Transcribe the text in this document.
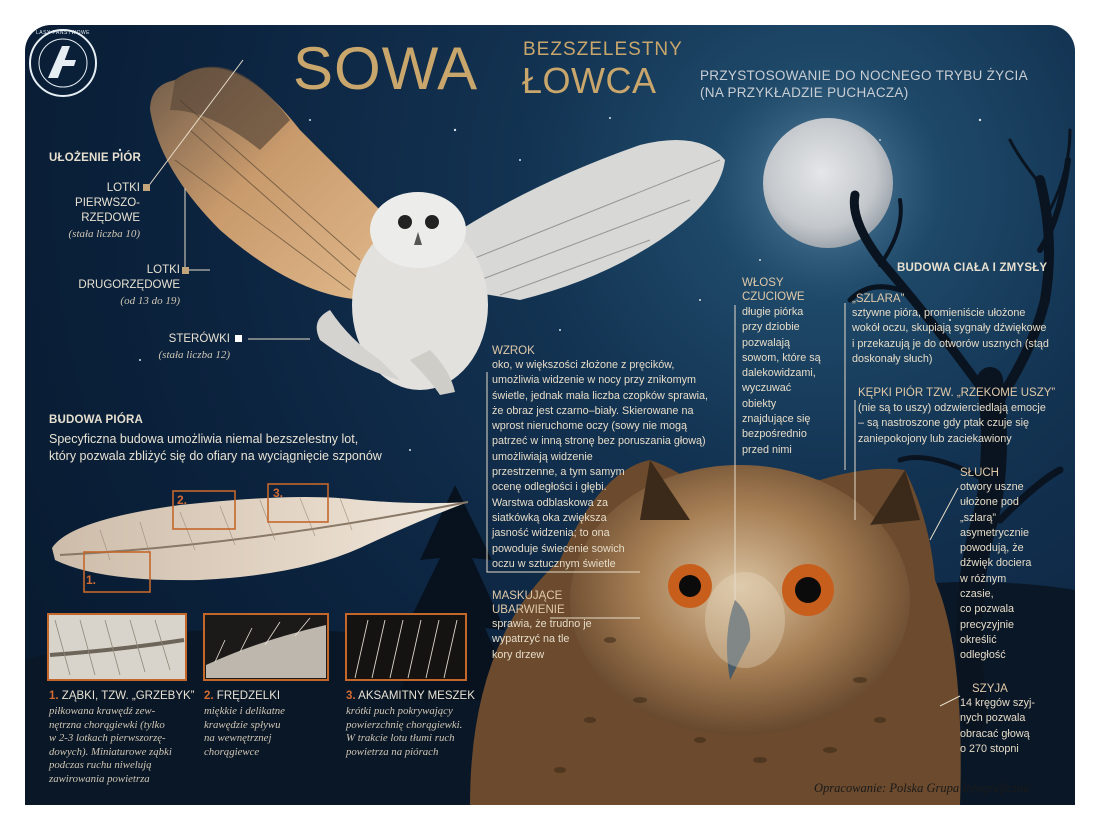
LASY PAŃSTWOWE
SOWA BEZSZELESTNY
ŁOWCA	PRZYSTOSOWANIE DO NOCNEGO TRYBU ŻYCIA
(NA PRZYKŁADZIE PUCHACZA)
UŁOŻENIE PIÓR
LOTKI
PIERWSZO-
RZĘDOWE
(stała liczba 10)
LOTKI
DRUGORZĘDOWE
(od 13 do 19)
STERÓWKI
(stała liczba 12)
BUDOWA PIÓRA
Specyficzna budowa umożliwia niemal bezszelestny lot,
który pozwala zbliżyć się do ofiary na wyciągnięcie szponów
1.
2.	3.
1. ZĄBKI, TZW. „GRZEBYK”
piłkowana krawędź zew-
nętrzna chorągiewki (tylko
w 2-3 lotkach pierwszorzę-
dowych). Miniaturowe ząbki
podczas ruchu niwelują
zawirowania powietrza
2. FRĘDZELKI
miękkie i delikatne
krawędzie spływu
na wewnętrznej
chorągiewce
3. AKSAMITNY MESZEK
krótki puch pokrywający
powierzchnię chorągiewki.
W trakcie lotu tłumi ruch
powietrza na piórach
WZROK
oko, w większości złożone z pręcików,
umożliwia widzenie w nocy przy znikomym
świetle, jednak mała liczba czopków sprawia,
że obraz jest czarno–biały. Skierowane na
wprost nieruchome oczy (sowy nie mogą
patrzeć w inną stronę bez poruszania głową)
umożliwiają widzenie
przestrzenne, a tym samym
ocenę odległości i głębi.
Warstwa odblaskowa za
siatkówką oka zwiększa
jasność widzenia; to ona
powoduje świecenie sowich
oczu w sztucznym świetle
WŁOSY
CZUCIOWE
długie piórka
przy dziobie
pozwalają
sowom, które są
dalekowidzami,
wyczuwać
obiekty
znajdujące się
bezpośrednio
przed nimi
MASKUJĄCE
UBARWIENIE
sprawia, że trudno je
wypatrzyć na tle
kory drzew
BUDOWA CIAŁA I ZMYSŁY
„SZLARA”
sztywne pióra, promieniście ułożone
wokół oczu, skupiają sygnały dźwiękowe
i przekazują je do otworów usznych (stąd
doskonały słuch)
KĘPKI PIÓR TZW. „RZEKOME USZY”
(nie są to uszy) odzwierciedlają emocje
– są nastroszone gdy ptak czuje się
zaniepokojony lub zaciekawiony
SŁUCH
otwory uszne
ułożone pod
„szlarą”
asymetrycznie
powodują, że
dźwięk dociera
w różnym
czasie,
co pozwala
precyzyjnie
określić
odległość
SZYJA
14 kręgów szyj-
nych pozwala
obracać głową
o 270 stopni
Opracowanie: Polska Grupa Infograficzna
